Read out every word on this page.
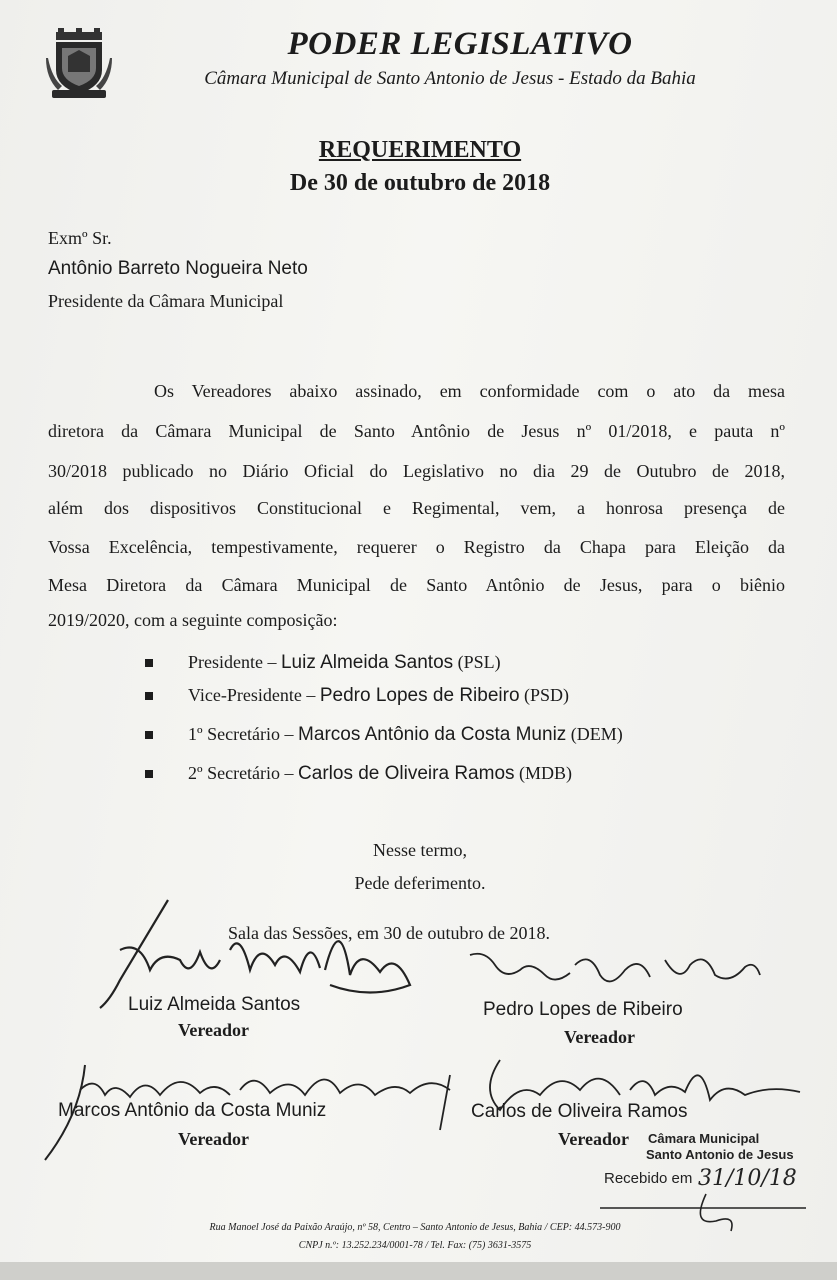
PODER LEGISLATIVO
Câmara Municipal de Santo Antonio de Jesus - Estado da Bahia
REQUERIMENTO
De 30 de outubro de 2018
Exmº Sr.
Antônio Barreto Nogueira Neto
Presidente da Câmara Municipal
Os Vereadores abaixo assinado, em conformidade com o ato da mesa
diretora da Câmara Municipal de Santo Antônio de Jesus nº 01/2018, e pauta nº
30/2018 publicado no Diário Oficial do Legislativo no dia 29 de Outubro de 2018,
além dos dispositivos Constitucional e Regimental, vem, a honrosa presença de
Vossa Excelência, tempestivamente, requerer o Registro da Chapa para Eleição da
Mesa Diretora da Câmara Municipal de Santo Antônio de Jesus, para o biênio
2019/2020, com a seguinte composição:
Presidente – Luiz Almeida Santos (PSL)
Vice-Presidente – Pedro Lopes de Ribeiro (PSD)
1º Secretário – Marcos Antônio da Costa Muniz (DEM)
2º Secretário – Carlos de Oliveira Ramos (MDB)
Nesse termo,
Pede deferimento.
Sala das Sessões, em 30 de outubro de 2018.
Luiz Almeida Santos
Vereador
Pedro Lopes de Ribeiro
Vereador
Marcos Antônio da Costa Muniz
Vereador
Carlos de Oliveira Ramos
Vereador Câmara Municipal
Santo Antonio de Jesus
Recebido em 31/10/18
Rua Manoel José da Paixão Araújo, nº 58, Centro – Santo Antonio de Jesus, Bahia / CEP: 44.573-900
CNPJ n.º: 13.252.234/0001-78 / Tel. Fax: (75) 3631-3575
